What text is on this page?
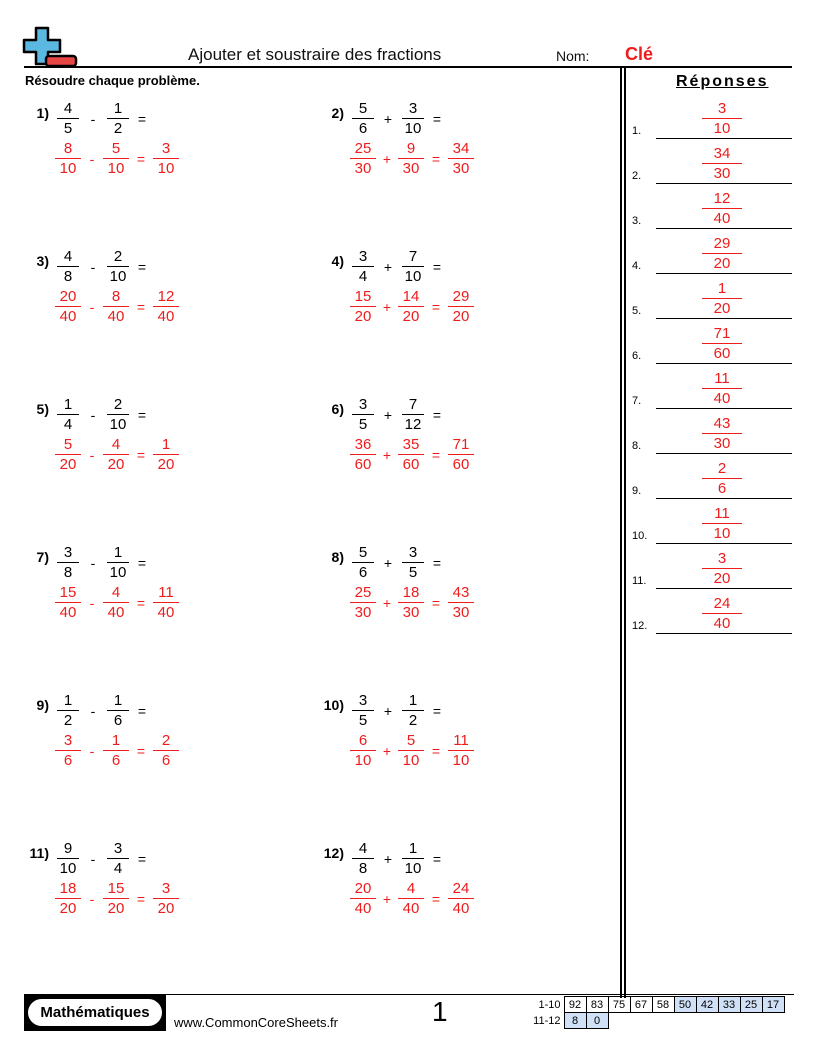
Ajouter et soustraire des fractions	Nom: Clé
Résoudre chaque problème.	Réponses
$1) \frac{4}{5} - \frac{1}{2}$ =
$\frac{8}{10} - \frac{5}{10} = \frac{3}{10}$
$2) \frac{5}{6} + \frac{3}{10}$ =
$\frac{25}{30} + \frac{9}{30} = \frac{34}{30}$
$3) \frac{4}{8} - \frac{2}{10}$ =
$\frac{20}{40} - \frac{8}{40} = \frac{12}{40}$
$4) \frac{3}{4} + \frac{7}{10}$ =
$\frac{15}{20} + \frac{14}{20} = \frac{29}{20}$
$5) \frac{1}{4} - \frac{2}{10}$ =
$\frac{5}{20} - \frac{4}{20} = \frac{1}{20}$
$6) \frac{3}{5} + \frac{7}{12}$ =
$\frac{36}{60} + \frac{35}{60} = \frac{71}{60}$
$7) \frac{3}{8} - \frac{1}{10}$ =
$\frac{15}{40} - \frac{4}{40} = \frac{11}{40}$
$8) \frac{5}{6} + \frac{3}{5}$ =
$\frac{25}{30} + \frac{18}{30} = \frac{43}{30}$
$9) \frac{1}{2} - \frac{1}{6}$ =
$\frac{3}{6} - \frac{1}{6} = \frac{2}{6}$
$10) \frac{3}{5} + \frac{1}{2}$ =
$\frac{6}{10} + \frac{5}{10} = \frac{11}{10}$
$11) \frac{9}{10} - \frac{3}{4}$ =
$\frac{18}{20} - \frac{15}{20} = \frac{3}{20}$
$12) \frac{4}{8} + \frac{1}{10}$ =
$\frac{20}{40} + \frac{4}{40} = \frac{24}{40}$
1.	$\frac{3}{10}$
2.	$\frac{34}{30}$
3.	$\frac{12}{40}$
4.	$\frac{29}{20}$
5.	$\frac{1}{20}$
6.	$\frac{71}{60}$
7.	$\frac{11}{40}$
8.	$\frac{43}{30}$
9.	$\frac{2}{6}$
10.	$\frac{11}{10}$
11.	$\frac{3}{20}$
12.	$\frac{24}{40}$
Mathématiques
www.CommonCoreSheets.fr	1	1-10	92	83	75	67	58	50	42	33	25	17
11-12	8	0								
